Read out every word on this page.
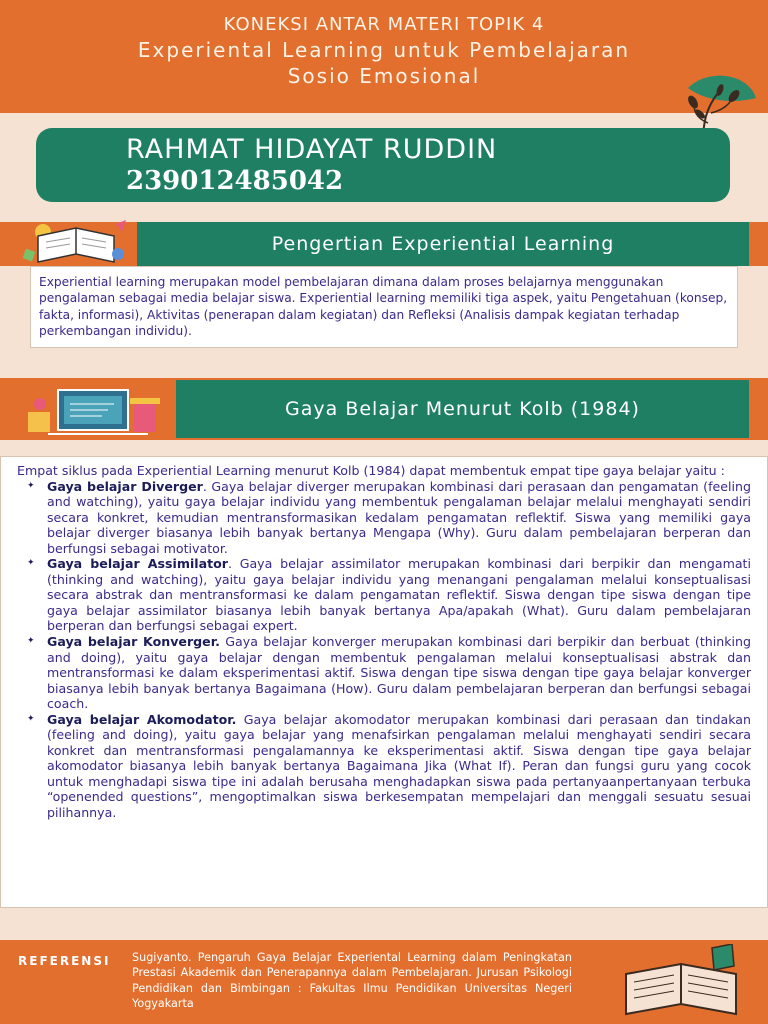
KONEKSI ANTAR MATERI TOPIK 4
Experiental Learning untuk Pembelajaran
Sosio Emosional
RAHMAT HIDAYAT RUDDIN
239012485042
Pengertian Experiential Learning
Experiential learning merupakan model pembelajaran dimana dalam proses belajarnya menggunakan pengalaman sebagai media belajar siswa. Experiential learning memiliki tiga aspek, yaitu Pengetahuan (konsep, fakta, informasi), Aktivitas (penerapan dalam kegiatan) dan Refleksi (Analisis dampak kegiatan terhadap perkembangan individu).
Gaya Belajar Menurut Kolb (1984)

Empat siklus pada Experiential Learning menurut Kolb (1984) dapat membentuk empat tipe gaya belajar yaitu :

✦ Gaya belajar Diverger. Gaya belajar diverger merupakan kombinasi dari perasaan dan pengamatan (feeling and watching), yaitu gaya belajar individu yang membentuk pengalaman belajar melalui menghayati sendiri secara konkret, kemudian mentransformasikan kedalam pengamatan reflektif. Siswa yang memiliki gaya belajar diverger biasanya lebih banyak bertanya Mengapa (Why). Guru dalam pembelajaran berperan dan berfungsi sebagai motivator.
✦ Gaya belajar Assimilator. Gaya belajar assimilator merupakan kombinasi dari berpikir dan mengamati (thinking and watching), yaitu gaya belajar individu yang menangani pengalaman melalui konseptualisasi secara abstrak dan mentransformasi ke dalam pengamatan reflektif. Siswa dengan tipe siswa dengan tipe gaya belajar assimilator biasanya lebih banyak bertanya Apa/apakah (What). Guru dalam pembelajaran berperan dan berfungsi sebagai expert.
✦ Gaya belajar Konverger. Gaya belajar konverger merupakan kombinasi dari berpikir dan berbuat (thinking and doing), yaitu gaya belajar dengan membentuk pengalaman melalui konseptualisasi abstrak dan mentransformasi ke dalam eksperimentasi aktif. Siswa dengan tipe siswa dengan tipe gaya belajar konverger biasanya lebih banyak bertanya Bagaimana (How). Guru dalam pembelajaran berperan dan berfungsi sebagai coach.
✦ Gaya belajar Akomodator. Gaya belajar akomodator merupakan kombinasi dari perasaan dan tindakan (feeling and doing), yaitu gaya belajar yang menafsirkan pengalaman melalui menghayati sendiri secara konkret dan mentransformasi pengalamannya ke eksperimentasi aktif. Siswa dengan tipe gaya belajar akomodator biasanya lebih banyak bertanya Bagaimana Jika (What If). Peran dan fungsi guru yang cocok untuk menghadapi siswa tipe ini adalah berusaha menghadapkan siswa pada pertanyaanpertanyaan terbuka “openended questions”, mengoptimalkan siswa berkesempatan mempelajari dan menggali sesuatu sesuai pilihannya.
REFERENSI Sugiyanto. Pengaruh Gaya Belajar Experiental Learning dalam Peningkatan Prestasi Akademik dan Penerapannya dalam Pembelajaran. Jurusan Psikologi Pendidikan dan Bimbingan : Fakultas Ilmu Pendidikan Universitas Negeri Yogyakarta
